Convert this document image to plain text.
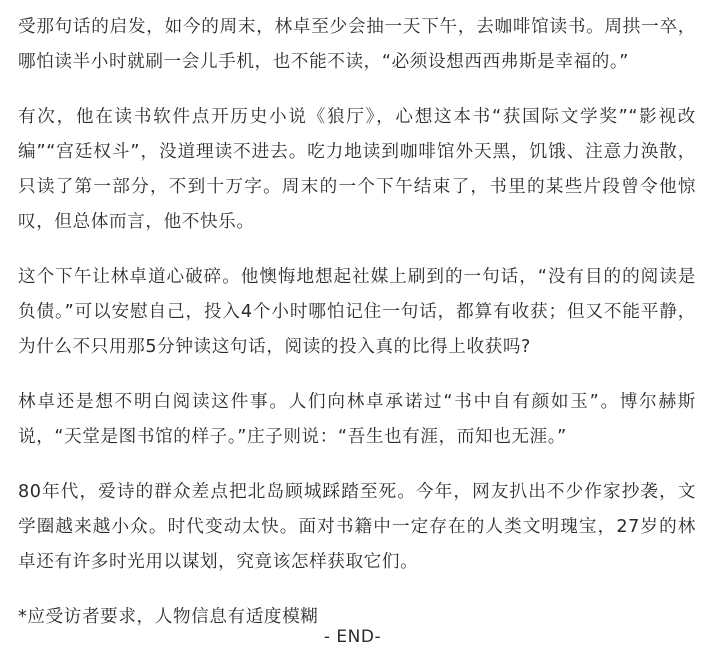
受那句话的启发，如今的周末，林卓至少会抽一天下午，去咖啡馆读书。周拱一卒，哪怕读半小时就刷一会儿手机，也不能不读，“必须设想西西弗斯是幸福的。”

有次，他在读书软件点开历史小说《狼厅》，心想这本书“获国际文学奖”“影视改编”“宫廷权斗”，没道理读不进去。吃力地读到咖啡馆外天黑，饥饿、注意力涣散，只读了第一部分，不到十万字。周末的一个下午结束了，书里的某些片段曾令他惊叹，但总体而言，他不快乐。

这个下午让林卓道心破碎。他懊悔地想起社媒上刷到的一句话，“没有目的的阅读是负债。”可以安慰自己，投入4个小时哪怕记住一句话，都算有收获；但又不能平静，为什么不只用那5分钟读这句话，阅读的投入真的比得上收获吗?

林卓还是想不明白阅读这件事。人们向林卓承诺过“书中自有颜如玉”。博尔赫斯说，“天堂是图书馆的样子。”庄子则说：“吾生也有涯，而知也无涯。”

80年代，爱诗的群众差点把北岛顾城踩踏至死。今年，网友扒出不少作家抄袭，文学圈越来越小众。时代变动太快。面对书籍中一定存在的人类文明瑰宝，27岁的林卓还有许多时光用以谋划，究竟该怎样获取它们。

*应受访者要求，人物信息有适度模糊

- END-
